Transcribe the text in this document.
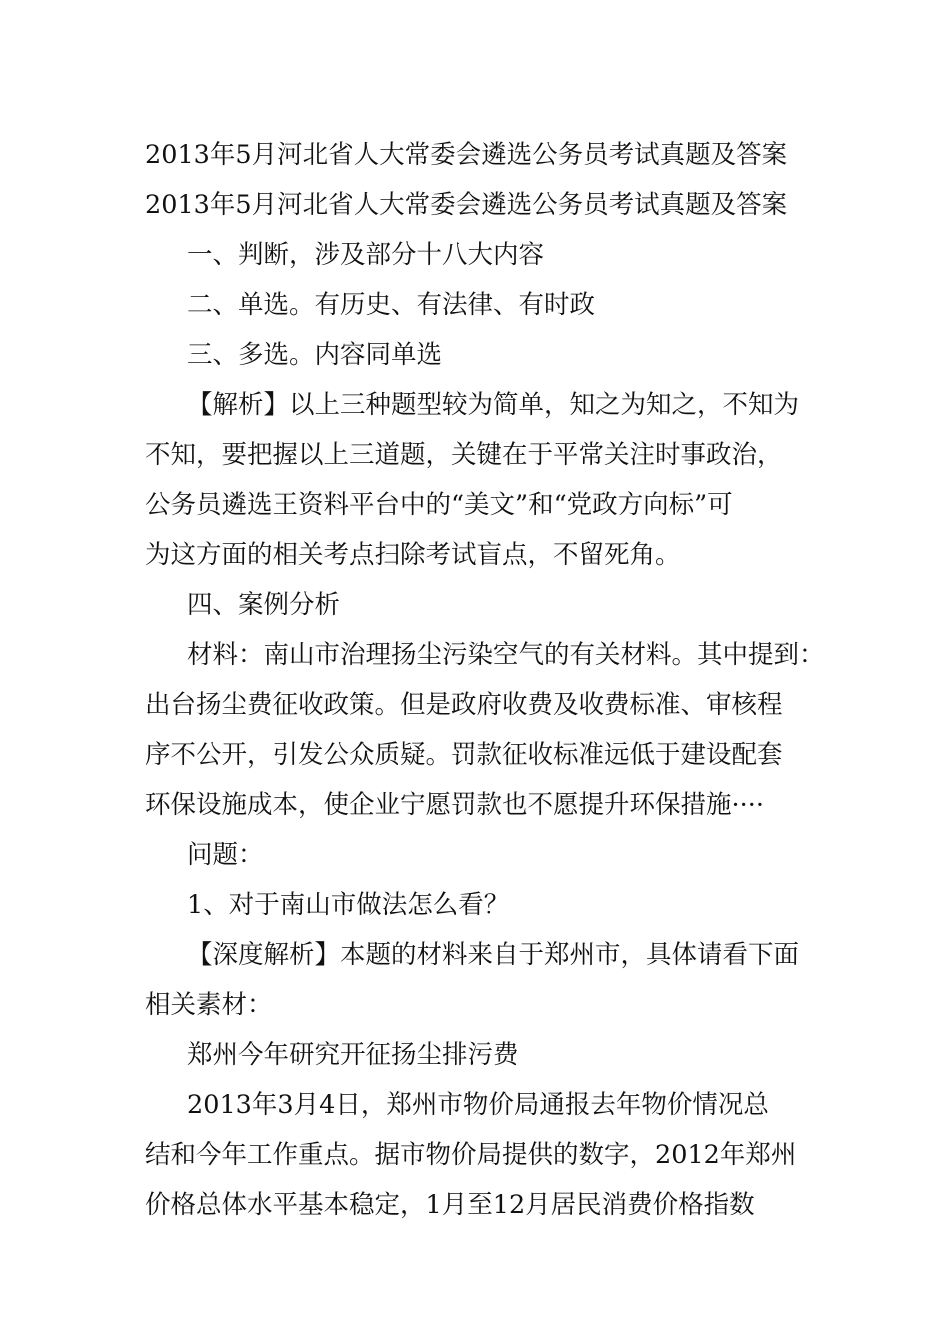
2013年5月河北省人大常委会遴选公务员考试真题及答案
2013年5月河北省人大常委会遴选公务员考试真题及答案
一、判断，涉及部分十八大内容
二、单选。有历史、有法律、有时政
三、多选。内容同单选
【解析】以上三种题型较为简单，知之为知之，不知为
不知，要把握以上三道题，关键在于平常关注时事政治，
公务员遴选王资料平台中的“美文”和“党政方向标”可
为这方面的相关考点扫除考试盲点，不留死角。
四、案例分析
材料：南山市治理扬尘污染空气的有关材料。其中提到：
出台扬尘费征收政策。但是政府收费及收费标准、审核程
序不公开，引发公众质疑。罚款征收标准远低于建设配套
环保设施成本，使企业宁愿罚款也不愿提升环保措施····
问题：
1、对于南山市做法怎么看？
【深度解析】本题的材料来自于郑州市，具体请看下面
相关素材：
郑州今年研究开征扬尘排污费
2013年3月4日，郑州市物价局通报去年物价情况总
结和今年工作重点。据市物价局提供的数字，2012年郑州
价格总体水平基本稳定，1月至12月居民消费价格指数
